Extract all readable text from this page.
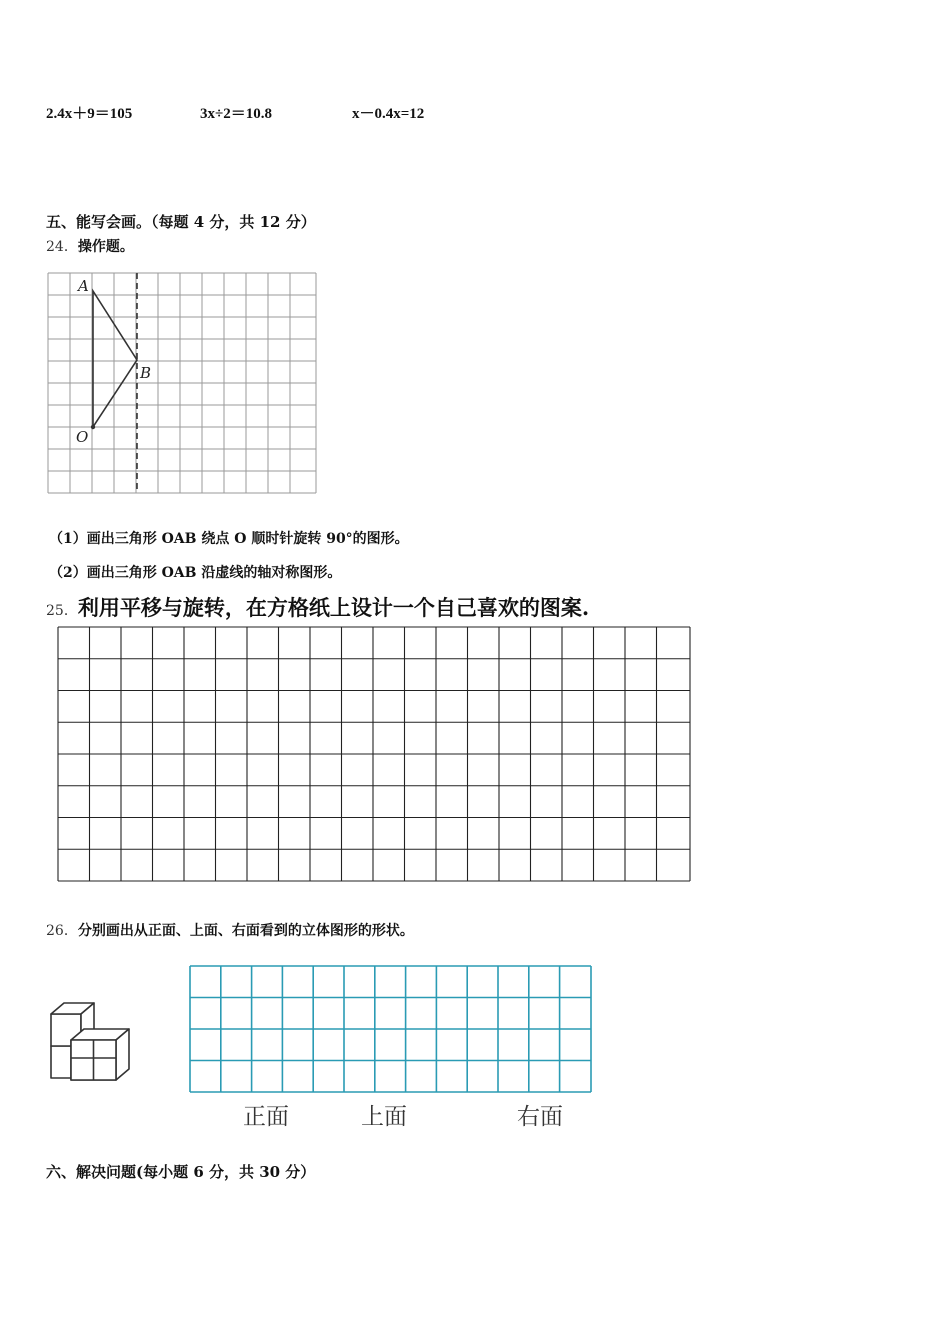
2.4x＋9＝105	3x÷2＝10.8	x－0.4x=12
五、能写会画。（每题 4 分，共 12 分）
24．操作题。
A
B
O
（1）画出三角形 OAB 绕点 O 顺时针旋转 90°的图形。
（2）画出三角形 OAB 沿虚线的轴对称图形。
25．利用平移与旋转，在方格纸上设计一个自己喜欢的图案.
26．分别画出从正面、上面、右面看到的立体图形的形状。
正面	上面	右面
六、解决问题(每小题 6 分，共 30 分）
